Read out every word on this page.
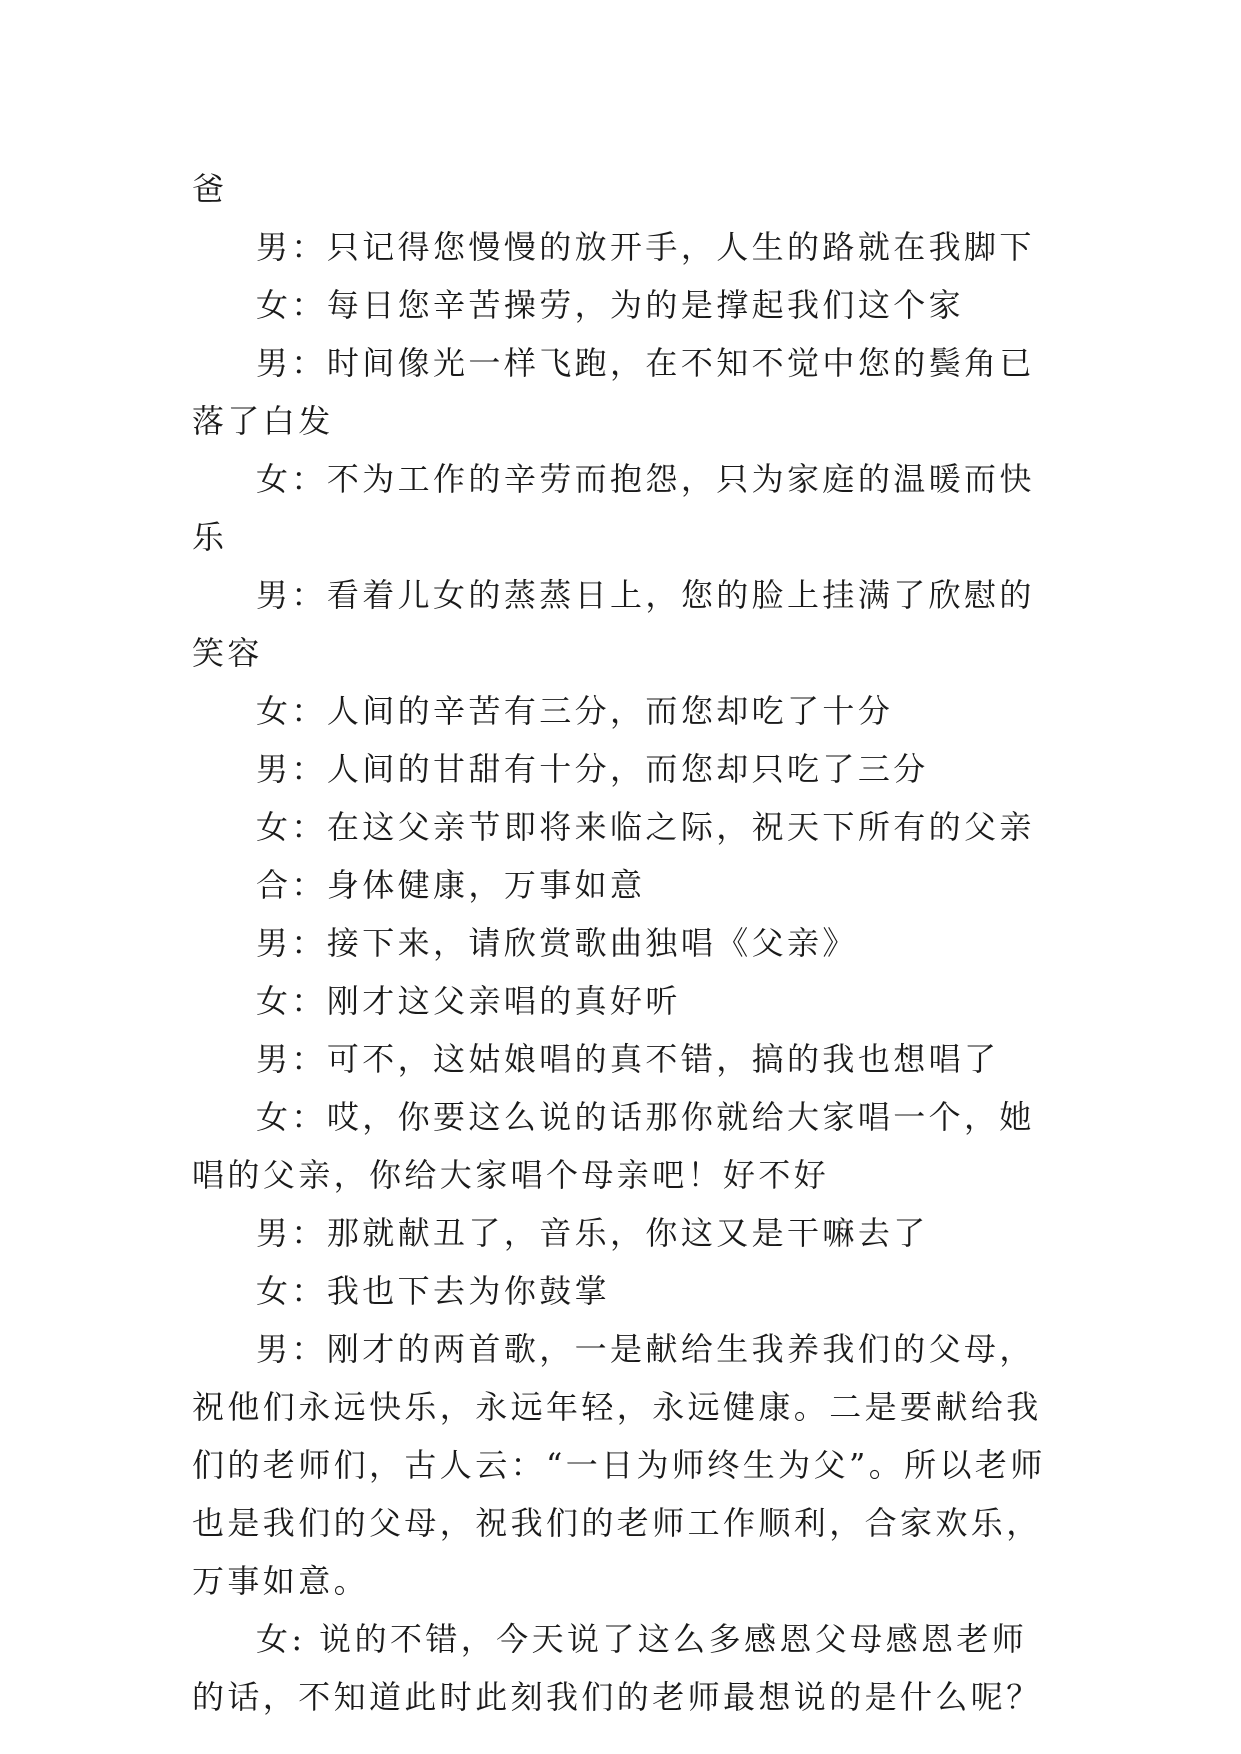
爸

男：只记得您慢慢的放开手，人生的路就在我脚下

女：每日您辛苦操劳，为的是撑起我们这个家

男：时间像光一样飞跑，在不知不觉中您的鬓角已落了白发

女：不为工作的辛劳而抱怨，只为家庭的温暖而快乐

男：看着儿女的蒸蒸日上，您的脸上挂满了欣慰的笑容

女：人间的辛苦有三分，而您却吃了十分

男：人间的甘甜有十分，而您却只吃了三分

女：在这父亲节即将来临之际，祝天下所有的父亲

合：身体健康，万事如意

男：接下来，请欣赏歌曲独唱《父亲》

女：刚才这父亲唱的真好听

男：可不，这姑娘唱的真不错，搞的我也想唱了

女：哎，你要这么说的话那你就给大家唱一个，她唱的父亲，你给大家唱个母亲吧！好不好

男：那就献丑了，音乐，你这又是干嘛去了

女：我也下去为你鼓掌

男：刚才的两首歌，一是献给生我养我们的父母，祝他们永远快乐，永远年轻，永远健康。二是要献给我们的老师们，古人云：“一日为师终生为父”。所以老师也是我们的父母，祝我们的老师工作顺利，合家欢乐，万事如意。

女: 说的不错，今天说了这么多感恩父母感恩老师的话，不知道此时此刻我们的老师最想说的是什么呢？
